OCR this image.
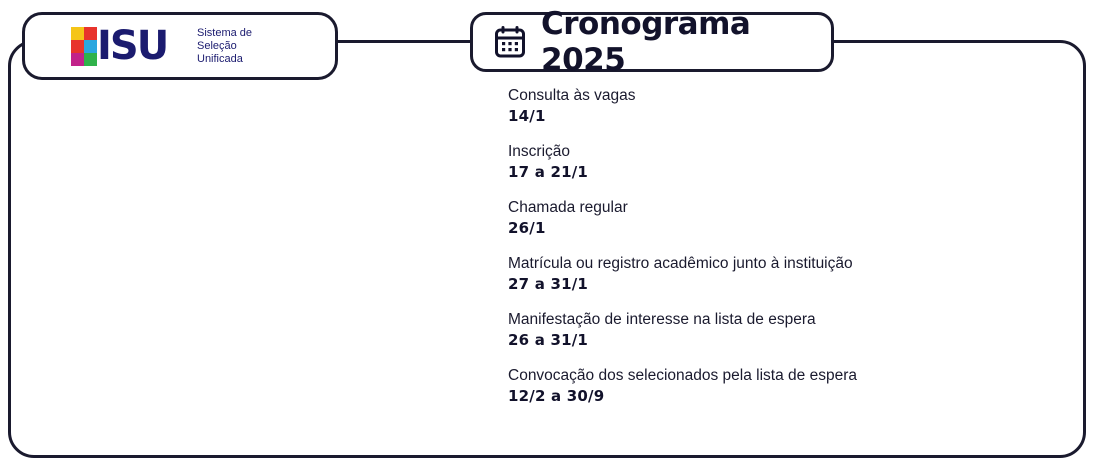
ISU	Sistema de
Seleção
Unificada
Cronograma 2025
Consulta às vagas
14/1
Inscrição
17 a 21/1
Chamada regular
26/1
Matrícula ou registro acadêmico junto à instituição
27 a 31/1
Manifestação de interesse na lista de espera
26 a 31/1
Convocação dos selecionados pela lista de espera
12/2 a 30/9
